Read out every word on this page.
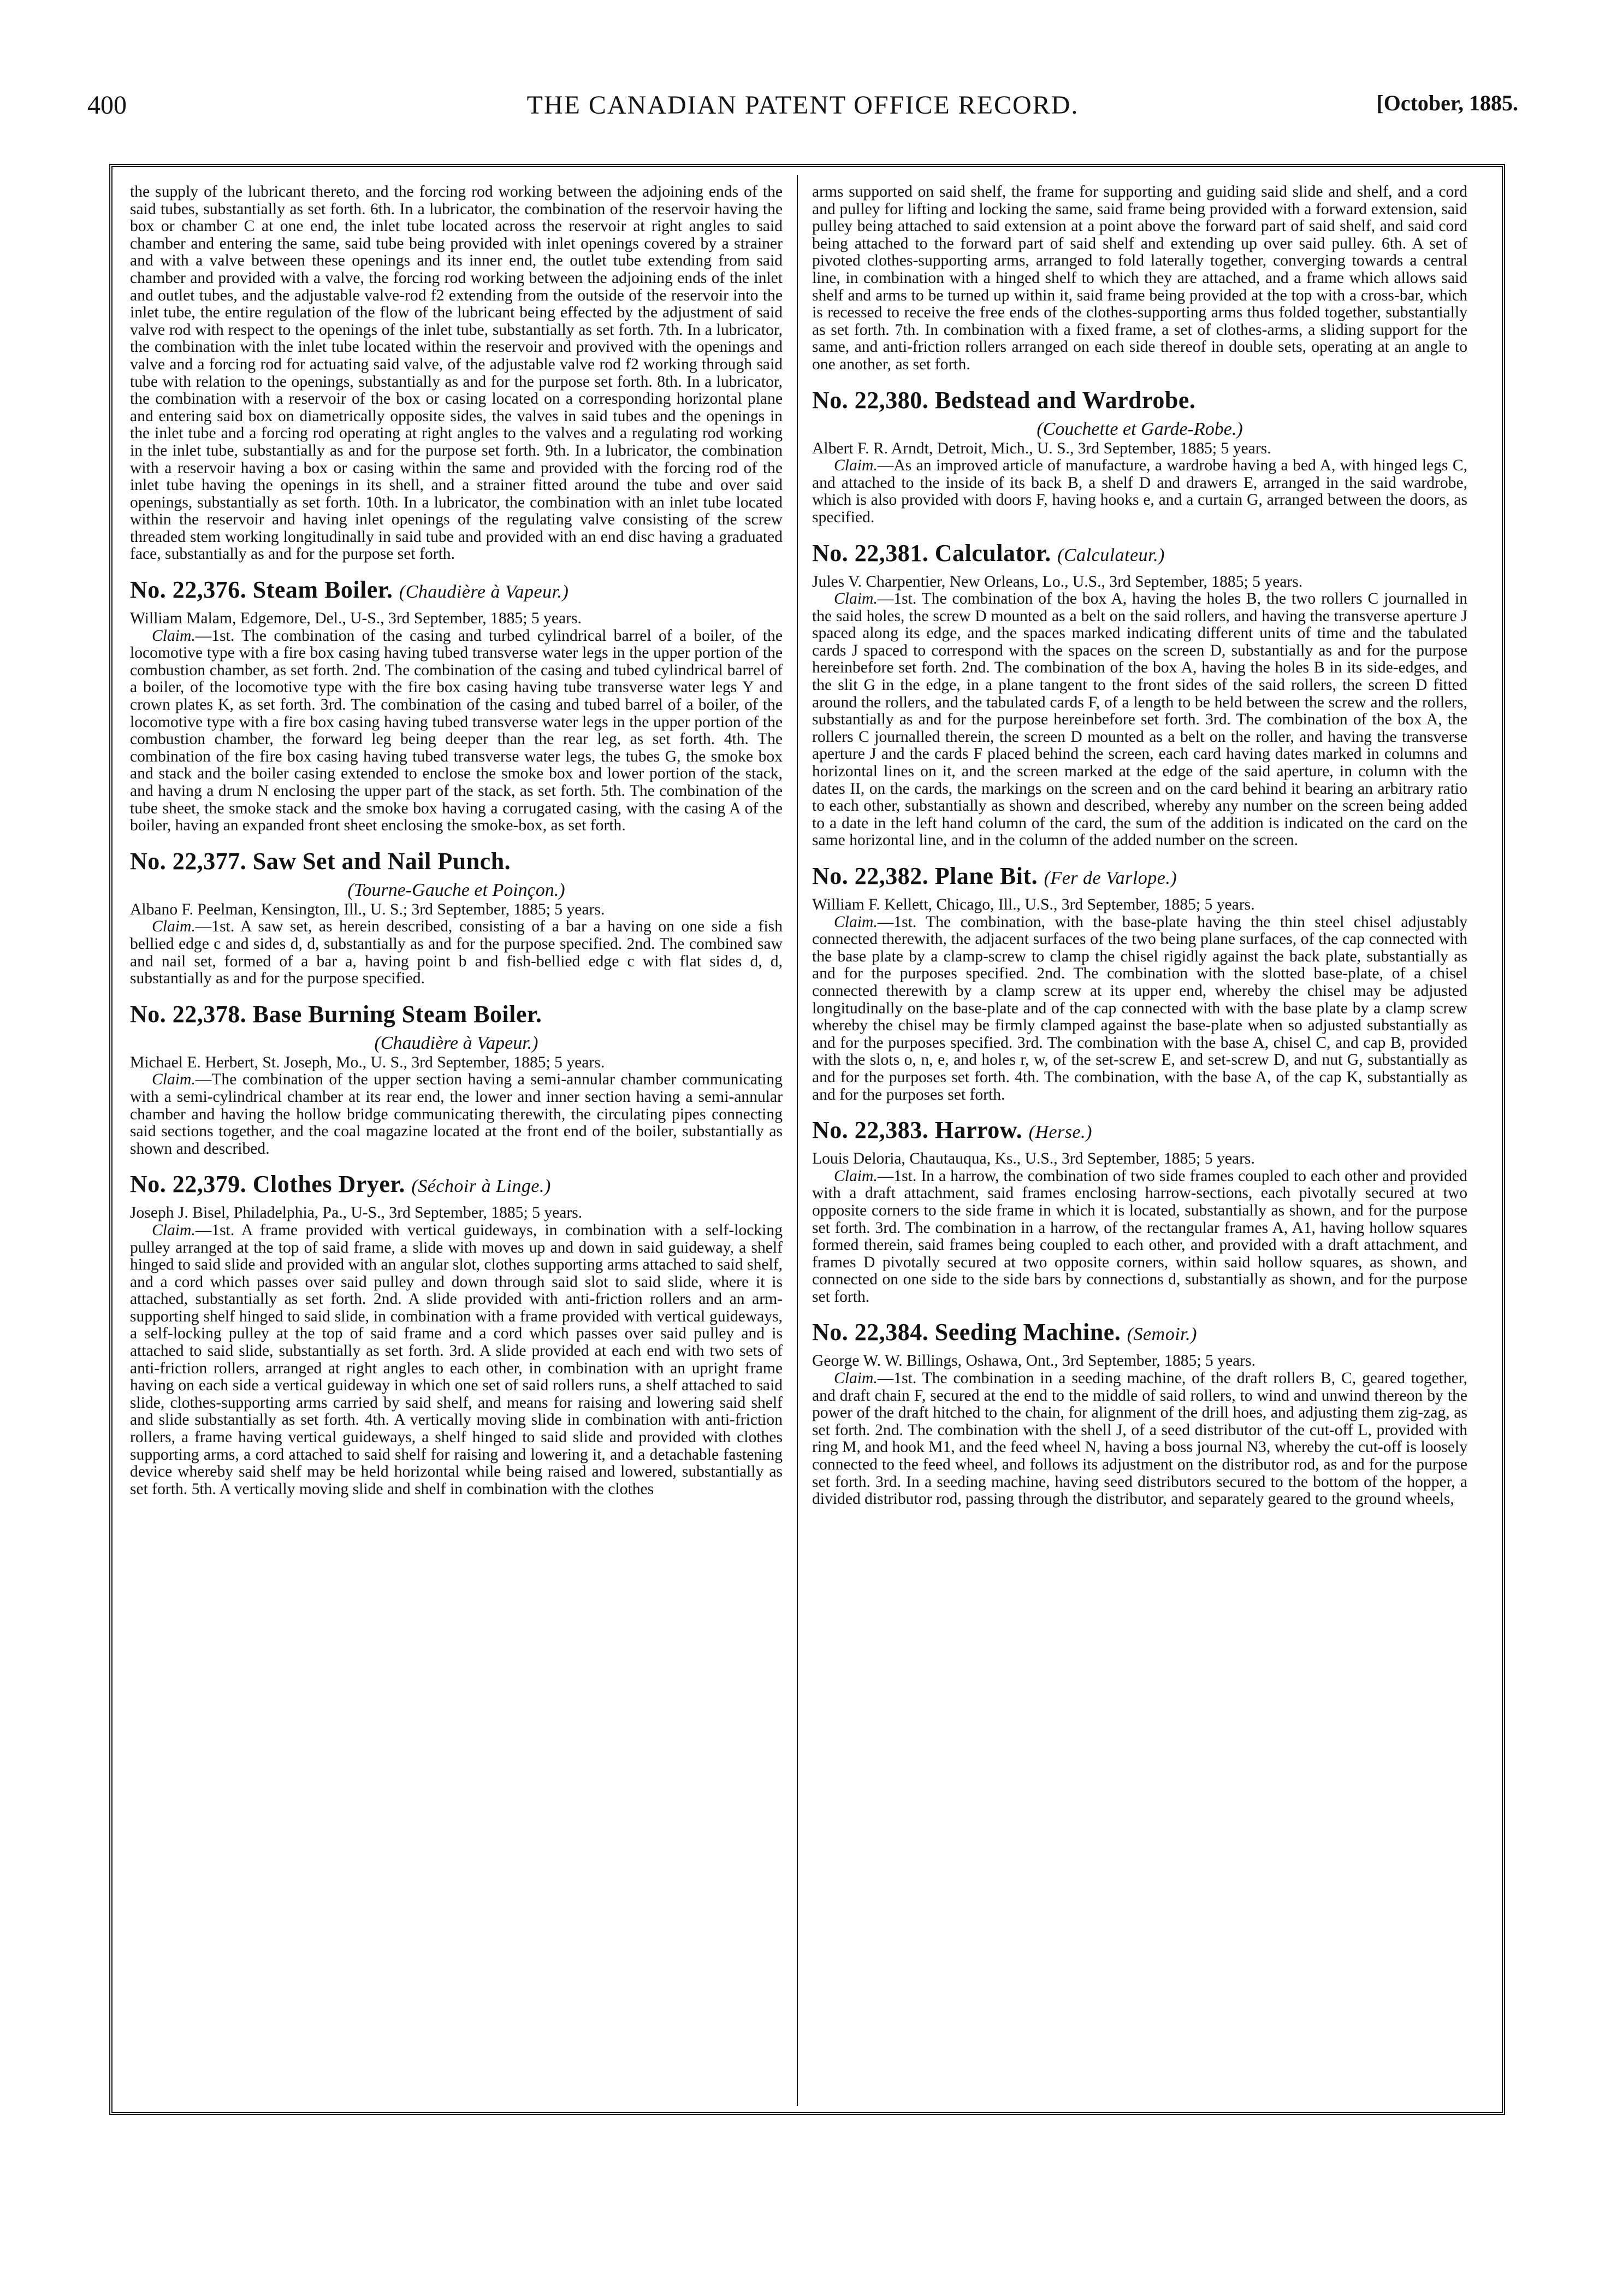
400	THE CANADIAN PATENT OFFICE RECORD.	[October, 1885.

the supply of the lubricant thereto, and the forcing rod working between the adjoining ends of the said tubes, substantially as set forth. 6th. In a lubricator, the combination of the reservoir having the box or chamber C at one end, the inlet tube located across the reservoir at right angles to said chamber and entering the same, said tube being provided with inlet openings covered by a strainer and with a valve between these openings and its inner end, the outlet tube extending from said chamber and provided with a valve, the forcing rod working between the adjoining ends of the inlet and outlet tubes, and the adjustable valve-rod f2 extending from the outside of the reservoir into the inlet tube, the entire regulation of the flow of the lubricant being effected by the adjustment of said valve rod with respect to the openings of the inlet tube, substantially as set forth. 7th. In a lubricator, the combination with the inlet tube located within the reservoir and provived with the openings and valve and a forcing rod for actuating said valve, of the adjustable valve rod f2 working through said tube with relation to the openings, substantially as and for the purpose set forth. 8th. In a lubricator, the combination with a reservoir of the box or casing located on a corresponding horizontal plane and entering said box on diametrically opposite sides, the valves in said tubes and the openings in the inlet tube and a forcing rod operating at right angles to the valves and a regulating rod working in the inlet tube, substantially as and for the purpose set forth. 9th. In a lubricator, the combination with a reservoir having a box or casing within the same and provided with the forcing rod of the inlet tube having the openings in its shell, and a strainer fitted around the tube and over said openings, substantially as set forth. 10th. In a lubricator, the combination with an inlet tube located within the reservoir and having inlet openings of the regulating valve consisting of the screw threaded stem working longitudinally in said tube and provided with an end disc having a graduated face, substantially as and for the purpose set forth.

No. 22,376. Steam Boiler. (Chaudière à Vapeur.)

William Malam, Edgemore, Del., U-S., 3rd September, 1885; 5 years.

Claim.—1st. The combination of the casing and turbed cylindrical barrel of a boiler, of the locomotive type with a fire box casing having tubed transverse water legs in the upper portion of the combustion chamber, as set forth. 2nd. The combination of the casing and tubed cylindrical barrel of a boiler, of the locomotive type with the fire box casing having tube transverse water legs Y and crown plates K, as set forth. 3rd. The combination of the casing and tubed barrel of a boiler, of the locomotive type with a fire box casing having tubed transverse water legs in the upper portion of the combustion chamber, the forward leg being deeper than the rear leg, as set forth. 4th. The combination of the fire box casing having tubed transverse water legs, the tubes G, the smoke box and stack and the boiler casing extended to enclose the smoke box and lower portion of the stack, and having a drum N enclosing the upper part of the stack, as set forth. 5th. The combination of the tube sheet, the smoke stack and the smoke box having a corrugated casing, with the casing A of the boiler, having an expanded front sheet enclosing the smoke-box, as set forth.

No. 22,377. Saw Set and Nail Punch.

(Tourne-Gauche et Poinçon.)

Albano F. Peelman, Kensington, Ill., U. S.; 3rd September, 1885; 5 years.

Claim.—1st. A saw set, as herein described, consisting of a bar a having on one side a fish bellied edge c and sides d, d, substantially as and for the purpose specified. 2nd. The combined saw and nail set, formed of a bar a, having point b and fish-bellied edge c with flat sides d, d, substantially as and for the purpose specified.

No. 22,378. Base Burning Steam Boiler.

(Chaudière à Vapeur.)

Michael E. Herbert, St. Joseph, Mo., U. S., 3rd September, 1885; 5 years.

Claim.—The combination of the upper section having a semi-annular chamber communicating with a semi-cylindrical chamber at its rear end, the lower and inner section having a semi-annular chamber and having the hollow bridge communicating therewith, the circulating pipes connecting said sections together, and the coal magazine located at the front end of the boiler, substantially as shown and described.

No. 22,379. Clothes Dryer. (Séchoir à Linge.)

Joseph J. Bisel, Philadelphia, Pa., U-S., 3rd September, 1885; 5 years.

Claim.—1st. A frame provided with vertical guideways, in combination with a self-locking pulley arranged at the top of said frame, a slide with moves up and down in said guideway, a shelf hinged to said slide and provided with an angular slot, clothes supporting arms attached to said shelf, and a cord which passes over said pulley and down through said slot to said slide, where it is attached, substantially as set forth. 2nd. A slide provided with anti-friction rollers and an arm-supporting shelf hinged to said slide, in combination with a frame provided with vertical guideways, a self-locking pulley at the top of said frame and a cord which passes over said pulley and is attached to said slide, substantially as set forth. 3rd. A slide provided at each end with two sets of anti-friction rollers, arranged at right angles to each other, in combination with an upright frame having on each side a vertical guideway in which one set of said rollers runs, a shelf attached to said slide, clothes-supporting arms carried by said shelf, and means for raising and lowering said shelf and slide substantially as set forth. 4th. A vertically moving slide in combination with anti-friction rollers, a frame having vertical guideways, a shelf hinged to said slide and provided with clothes supporting arms, a cord attached to said shelf for raising and lowering it, and a detachable fastening device whereby said shelf may be held horizontal while being raised and lowered, substantially as set forth. 5th. A vertically moving slide and shelf in combination with the clothes

arms supported on said shelf, the frame for supporting and guiding said slide and shelf, and a cord and pulley for lifting and locking the same, said frame being provided with a forward extension, said pulley being attached to said extension at a point above the forward part of said shelf, and said cord being attached to the forward part of said shelf and extending up over said pulley. 6th. A set of pivoted clothes-supporting arms, arranged to fold laterally together, converging towards a central line, in combination with a hinged shelf to which they are attached, and a frame which allows said shelf and arms to be turned up within it, said frame being provided at the top with a cross-bar, which is recessed to receive the free ends of the clothes-supporting arms thus folded together, substantially as set forth. 7th. In combination with a fixed frame, a set of clothes-arms, a sliding support for the same, and anti-friction rollers arranged on each side thereof in double sets, operating at an angle to one another, as set forth.

No. 22,380. Bedstead and Wardrobe.

(Couchette et Garde-Robe.)

Albert F. R. Arndt, Detroit, Mich., U. S., 3rd September, 1885; 5 years.

Claim.—As an improved article of manufacture, a wardrobe having a bed A, with hinged legs C, and attached to the inside of its back B, a shelf D and drawers E, arranged in the said wardrobe, which is also provided with doors F, having hooks e, and a curtain G, arranged between the doors, as specified.

No. 22,381. Calculator. (Calculateur.)

Jules V. Charpentier, New Orleans, Lo., U.S., 3rd September, 1885; 5 years.

Claim.—1st. The combination of the box A, having the holes B, the two rollers C journalled in the said holes, the screw D mounted as a belt on the said rollers, and having the transverse aperture J spaced along its edge, and the spaces marked indicating different units of time and the tabulated cards J spaced to correspond with the spaces on the screen D, substantially as and for the purpose hereinbefore set forth. 2nd. The combination of the box A, having the holes B in its side-edges, and the slit G in the edge, in a plane tangent to the front sides of the said rollers, the screen D fitted around the rollers, and the tabulated cards F, of a length to be held between the screw and the rollers, substantially as and for the purpose hereinbefore set forth. 3rd. The combination of the box A, the rollers C journalled therein, the screen D mounted as a belt on the roller, and having the transverse aperture J and the cards F placed behind the screen, each card having dates marked in columns and horizontal lines on it, and the screen marked at the edge of the said aperture, in column with the dates II, on the cards, the markings on the screen and on the card behind it bearing an arbitrary ratio to each other, substantially as shown and described, whereby any number on the screen being added to a date in the left hand column of the card, the sum of the addition is indicated on the card on the same horizontal line, and in the column of the added number on the screen.

No. 22,382. Plane Bit. (Fer de Varlope.)

William F. Kellett, Chicago, Ill., U.S., 3rd September, 1885; 5 years.

Claim.—1st. The combination, with the base-plate having the thin steel chisel adjustably connected therewith, the adjacent surfaces of the two being plane surfaces, of the cap connected with the base plate by a clamp-screw to clamp the chisel rigidly against the back plate, substantially as and for the purposes specified. 2nd. The combination with the slotted base-plate, of a chisel connected therewith by a clamp screw at its upper end, whereby the chisel may be adjusted longitudinally on the base-plate and of the cap connected with with the base plate by a clamp screw whereby the chisel may be firmly clamped against the base-plate when so adjusted substantially as and for the purposes specified. 3rd. The combination with the base A, chisel C, and cap B, provided with the slots o, n, e, and holes r, w, of the set-screw E, and set-screw D, and nut G, substantially as and for the purposes set forth. 4th. The combination, with the base A, of the cap K, substantially as and for the purposes set forth.

No. 22,383. Harrow. (Herse.)

Louis Deloria, Chautauqua, Ks., U.S., 3rd September, 1885; 5 years.

Claim.—1st. In a harrow, the combination of two side frames coupled to each other and provided with a draft attachment, said frames enclosing harrow-sections, each pivotally secured at two opposite corners to the side frame in which it is located, substantially as shown, and for the purpose set forth. 3rd. The combination in a harrow, of the rectangular frames A, A1, having hollow squares formed therein, said frames being coupled to each other, and provided with a draft attachment, and frames D pivotally secured at two opposite corners, within said hollow squares, as shown, and connected on one side to the side bars by connections d, substantially as shown, and for the purpose set forth.

No. 22,384. Seeding Machine. (Semoir.)

George W. W. Billings, Oshawa, Ont., 3rd September, 1885; 5 years.

Claim.—1st. The combination in a seeding machine, of the draft rollers B, C, geared together, and draft chain F, secured at the end to the middle of said rollers, to wind and unwind thereon by the power of the draft hitched to the chain, for alignment of the drill hoes, and adjusting them zig-zag, as set forth. 2nd. The combination with the shell J, of a seed distributor of the cut-off L, provided with ring M, and hook M1, and the feed wheel N, having a boss journal N3, whereby the cut-off is loosely connected to the feed wheel, and follows its adjustment on the distributor rod, as and for the purpose set forth. 3rd. In a seeding machine, having seed distributors secured to the bottom of the hopper, a divided distributor rod, passing through the distributor, and separately geared to the ground wheels,
